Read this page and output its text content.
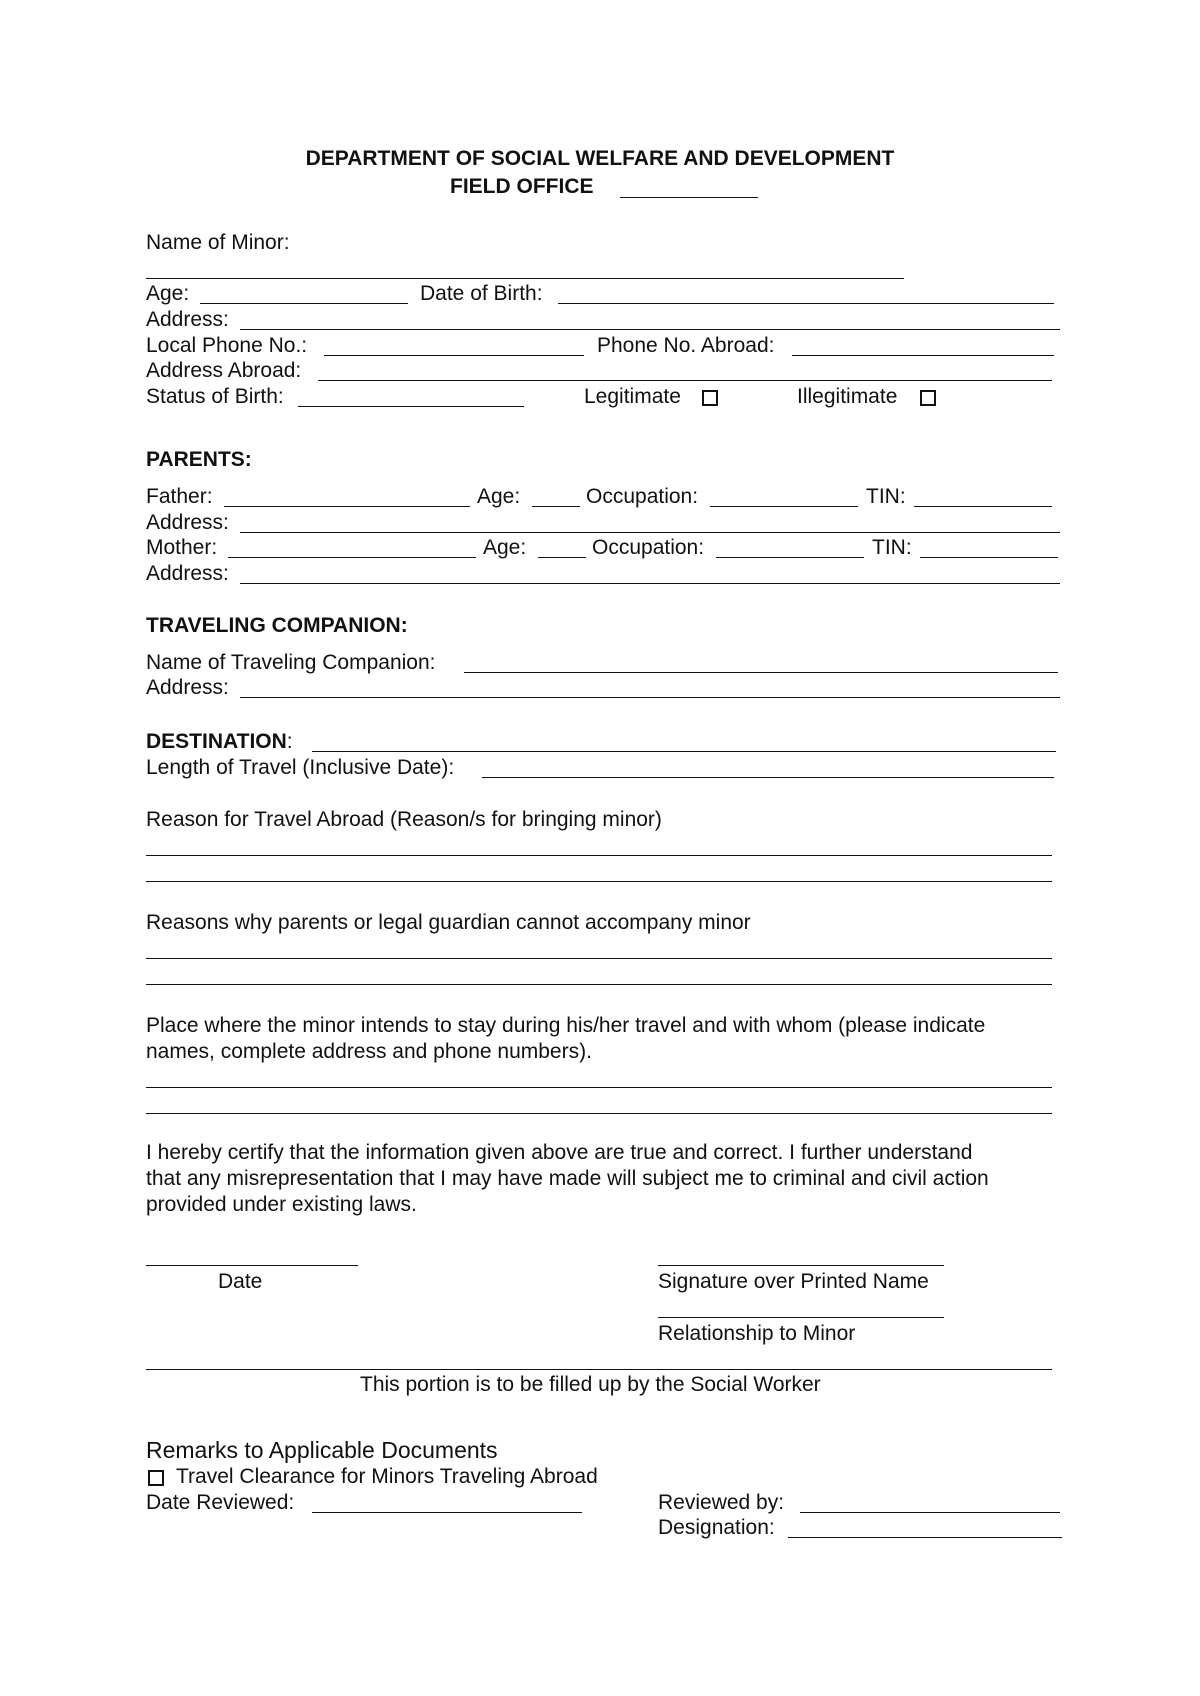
DEPARTMENT OF SOCIAL WELFARE AND DEVELOPMENT
FIELD OFFICE
Name of Minor:
Age:	Date of Birth:
Address:
Local Phone No.:	Phone No. Abroad:
Address Abroad:
Status of Birth:	Legitimate	Illegitimate
PARENTS:
Father:	Age:	Occupation:	TIN:
Address:
Mother:	Age:	Occupation:	TIN:
Address:
TRAVELING COMPANION:
Name of Traveling Companion:
Address:
DESTINATION:
Length of Travel (Inclusive Date):
Reason for Travel Abroad (Reason/s for bringing minor)
Reasons why parents or legal guardian cannot accompany minor
Place where the minor intends to stay during his/her travel and with whom (please indicate
names, complete address and phone numbers).
I hereby certify that the information given above are true and correct. I further understand
that any misrepresentation that I may have made will subject me to criminal and civil action
provided under existing laws.
Date	Signature over Printed Name
Relationship to Minor
This portion is to be filled up by the Social Worker
Remarks to Applicable Documents
Travel Clearance for Minors Traveling Abroad
Date Reviewed:	Reviewed by:
Designation:
